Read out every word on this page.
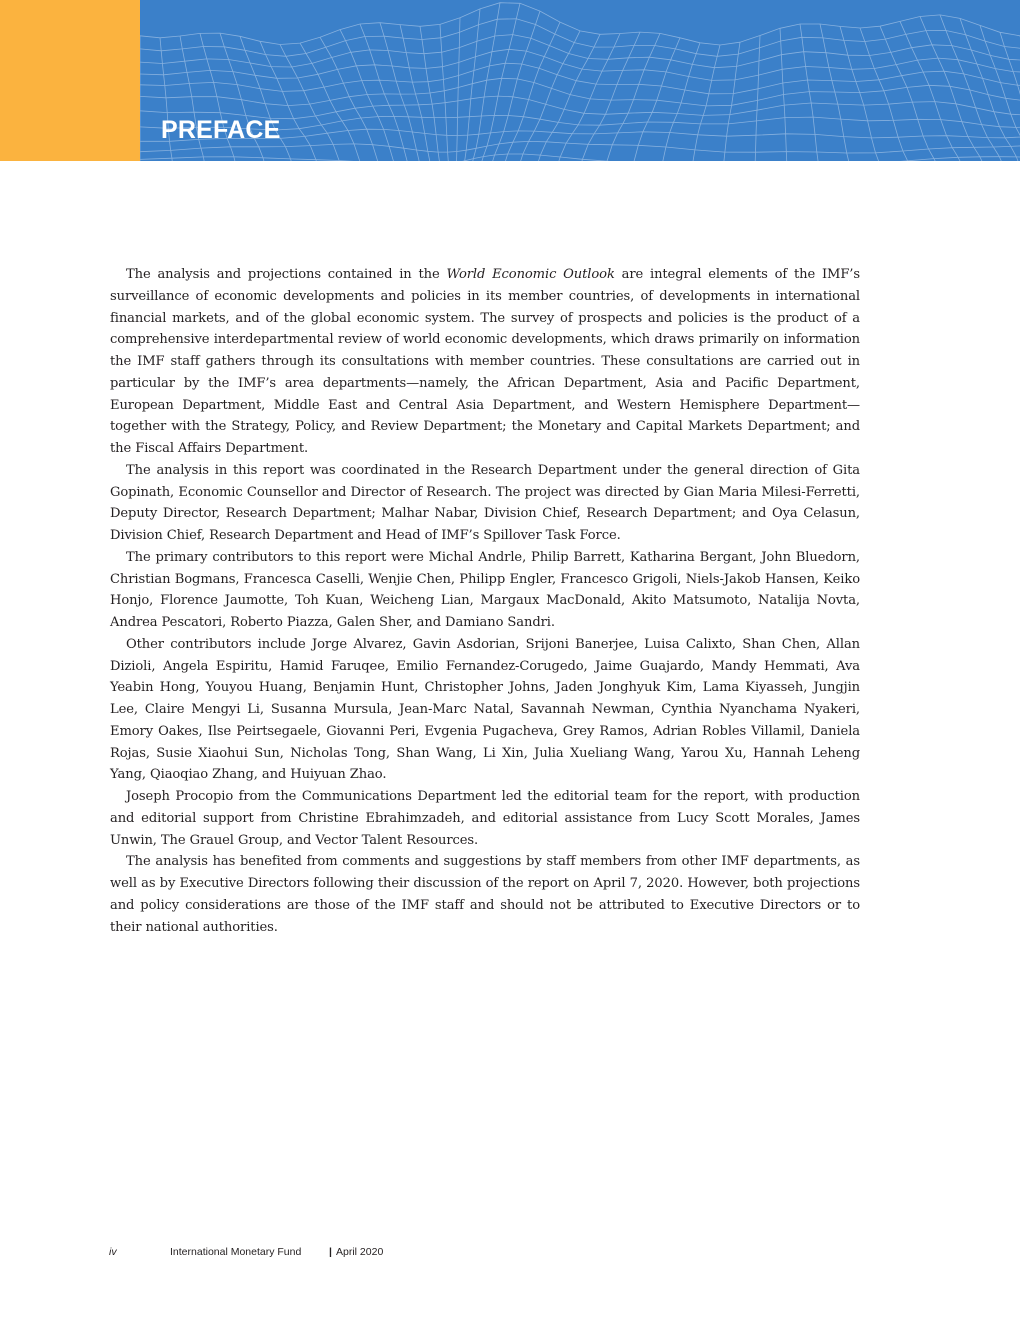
PREFACE

The analysis and projections contained in the World Economic Outlook are integral elements of the IMF’s surveillance of economic developments and policies in its member countries, of developments in international financial markets, and of the global economic system. The survey of prospects and policies is the product of a comprehensive interdepartmental review of world economic developments, which draws primarily on information the IMF staff gathers through its consultations with member countries. These consultations are carried out in particular by the IMF’s area departments—namely, the African Department, Asia and Pacific Department, European Department, Middle East and Central Asia Department, and Western Hemisphere Department—together with the Strategy, Policy, and Review Department; the Monetary and Capital Markets Department; and the Fiscal Affairs Department.

The analysis in this report was coordinated in the Research Department under the general direction of Gita Gopinath, Economic Counsellor and Director of Research. The project was directed by Gian Maria Milesi-Ferretti, Deputy Director, Research Department; Malhar Nabar, Division Chief, Research Department; and Oya Celasun, Division Chief, Research Department and Head of IMF’s Spillover Task Force.

The primary contributors to this report were Michal Andrle, Philip Barrett, Katharina Bergant, John Bluedorn, Christian Bogmans, Francesca Caselli, Wenjie Chen, Philipp Engler, Francesco Grigoli, Niels-Jakob Hansen, Keiko Honjo, Florence Jaumotte, Toh Kuan, Weicheng Lian, Margaux MacDonald, Akito Matsumoto, Natalija Novta, Andrea Pescatori, Roberto Piazza, Galen Sher, and Damiano Sandri.

Other contributors include Jorge Alvarez, Gavin Asdorian, Srijoni Banerjee, Luisa Calixto, Shan Chen, Allan Dizioli, Angela Espiritu, Hamid Faruqee, Emilio Fernandez-Corugedo, Jaime Guajardo, Mandy Hemmati, Ava Yeabin Hong, Youyou Huang, Benjamin Hunt, Christopher Johns, Jaden Jonghyuk Kim, Lama Kiyasseh, Jungjin Lee, Claire Mengyi Li, Susanna Mursula, Jean-Marc Natal, Savannah Newman, Cynthia Nyanchama Nyakeri, Emory Oakes, Ilse Peirtsegaele, Giovanni Peri, Evgenia Pugacheva, Grey Ramos, Adrian Robles Villamil, Daniela Rojas, Susie Xiaohui Sun, Nicholas Tong, Shan Wang, Li Xin, Julia Xueliang Wang, Yarou Xu, Hannah Leheng Yang, Qiaoqiao Zhang, and Huiyuan Zhao.

Joseph Procopio from the Communications Department led the editorial team for the report, with production and editorial support from Christine Ebrahimzadeh, and editorial assistance from Lucy Scott Morales, James Unwin, The Grauel Group, and Vector Talent Resources.

The analysis has benefited from comments and suggestions by staff members from other IMF departments, as well as by Executive Directors following their discussion of the report on April 7, 2020. However, both projections and policy considerations are those of the IMF staff and should not be attributed to Executive Directors or to their national authorities.

iv	International Monetary Fund	| April 2020
